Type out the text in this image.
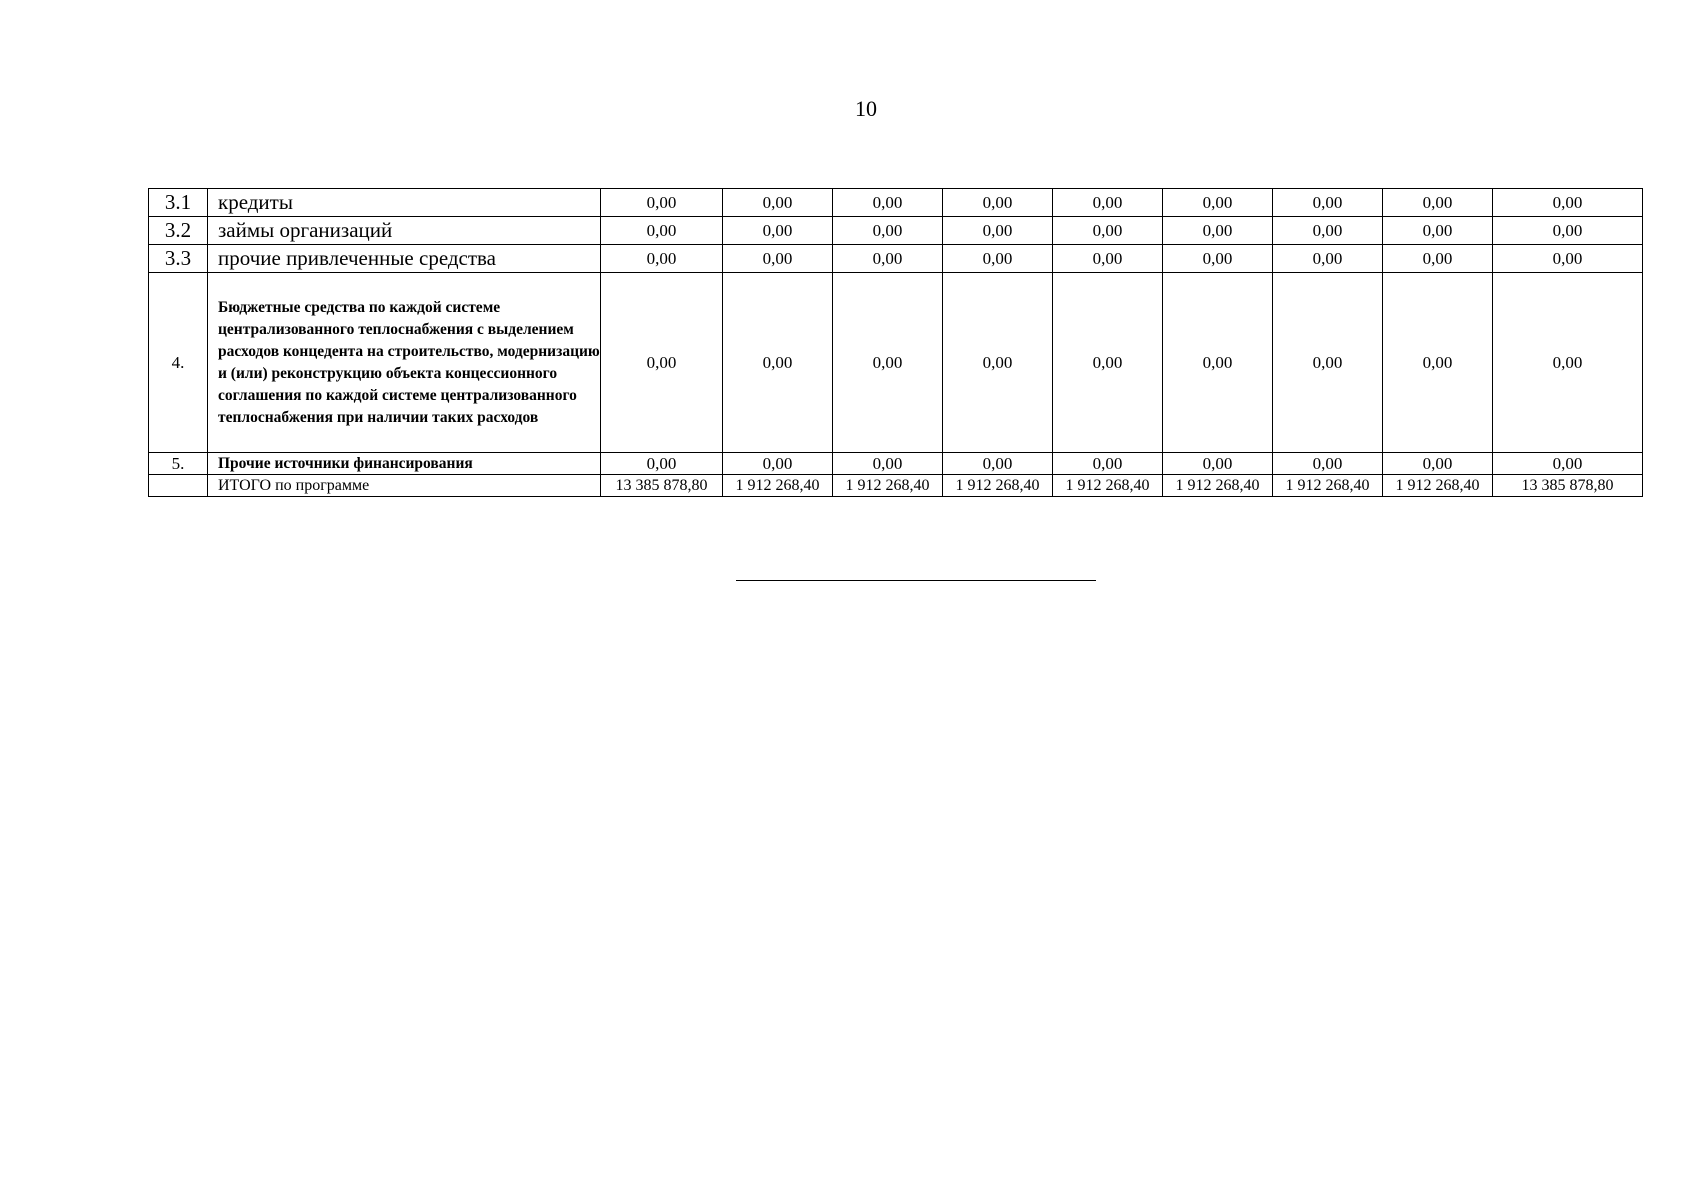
10
3.1	кредиты	0,00	0,00	0,00	0,00	0,00	0,00	0,00	0,00	0,00
3.2	займы организаций	0,00	0,00	0,00	0,00	0,00	0,00	0,00	0,00	0,00
3.3	прочие привлеченные средства	0,00	0,00	0,00	0,00	0,00	0,00	0,00	0,00	0,00
4.	Бюджетные средства по каждой системе централизованного теплоснабжения с выделением расходов концедента на строительство, модернизацию и (или) реконструкцию объекта концессионного соглашения по каждой системе централизованного теплоснабжения при наличии таких расходов	0,00	0,00	0,00	0,00	0,00	0,00	0,00	0,00	0,00
5.	Прочие источники финансирования	0,00	0,00	0,00	0,00	0,00	0,00	0,00	0,00	0,00
	ИТОГО по программе	13 385 878,80	1 912 268,40	1 912 268,40	1 912 268,40	1 912 268,40	1 912 268,40	1 912 268,40	1 912 268,40	13 385 878,80
